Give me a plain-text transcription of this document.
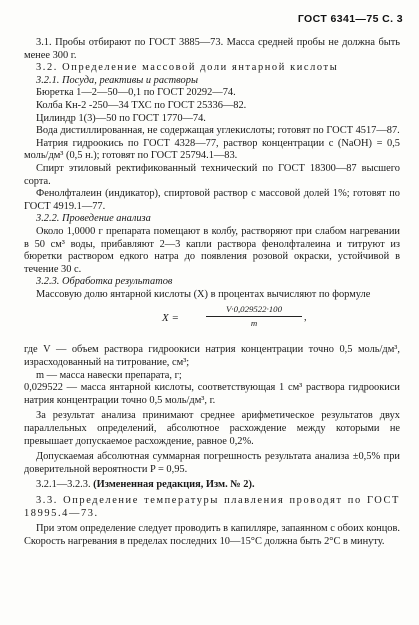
ГОСТ 6341—75 С. 3

3.1. Пробы отбирают по ГОСТ 3885—73. Масса средней пробы не должна быть менее 300 г.

3.2. Определение массовой доли янтарной кислоты

3.2.1. Посуда, реактивы и растворы

Бюретка 1—2—50—0,1 по ГОСТ 20292—74.

Колба Кн-2 -250—34 ТХС по ГОСТ 25336—82.

Цилиндр 1(3)—50 по ГОСТ 1770—74.

Вода дистиллированная, не содержащая углекислоты; готовят по ГОСТ 4517—87.

Натрия гидроокись по ГОСТ 4328—77, раствор концентрации с (NaOH) = 0,5 моль/дм³ (0,5 н.); готовят по ГОСТ 25794.1—83.

Спирт этиловый ректификованный технический по ГОСТ 18300—87 высшего сорта.

Фенолфталеин (индикатор), спиртовой раствор с массовой долей 1%; готовят по ГОСТ 4919.1—77.

3.2.2. Проведение анализа

Около 1,0000 г препарата помещают в колбу, растворяют при слабом нагревании в 50 см³ воды, прибавляют 2—3 капли раствора фенолфталеина и титруют из бюретки раствором едкого натра до появления розовой окраски, устойчивой в течение 30 с.

3.2.3. Обработка результатов

Массовую долю янтарной кислоты (X) в процентах вычисляют по формуле

X =	$\frac{V\cdot 0,029522\cdot 100}{m}$ ,

где V — объем раствора гидроокиси натрия концентрации точно 0,5 моль/дм³, израсходованный на титрование, см³;

m — масса навески препарата, г;

0,029522 — масса янтарной кислоты, соответствующая 1 см³ раствора гидроокиси натрия концентрации точно 0,5 моль/дм³, г.

За результат анализа принимают среднее арифметическое результатов двух параллельных определений, абсолютное расхождение между которыми не превышает допускаемое расхождение, равное 0,2%.

Допускаемая абсолютная суммарная погрешность результата анализа ±0,5% при доверительной вероятности P = 0,95.

3.2.1—3.2.3. (Измененная редакция, Изм. № 2).

3.3. Определение температуры плавления проводят по ГОСТ 18995.4—73.

При этом определение следует проводить в капилляре, запаянном с обоих концов. Скорость нагревания в пределах последних 10—15°С должна быть 2°С в минуту.
